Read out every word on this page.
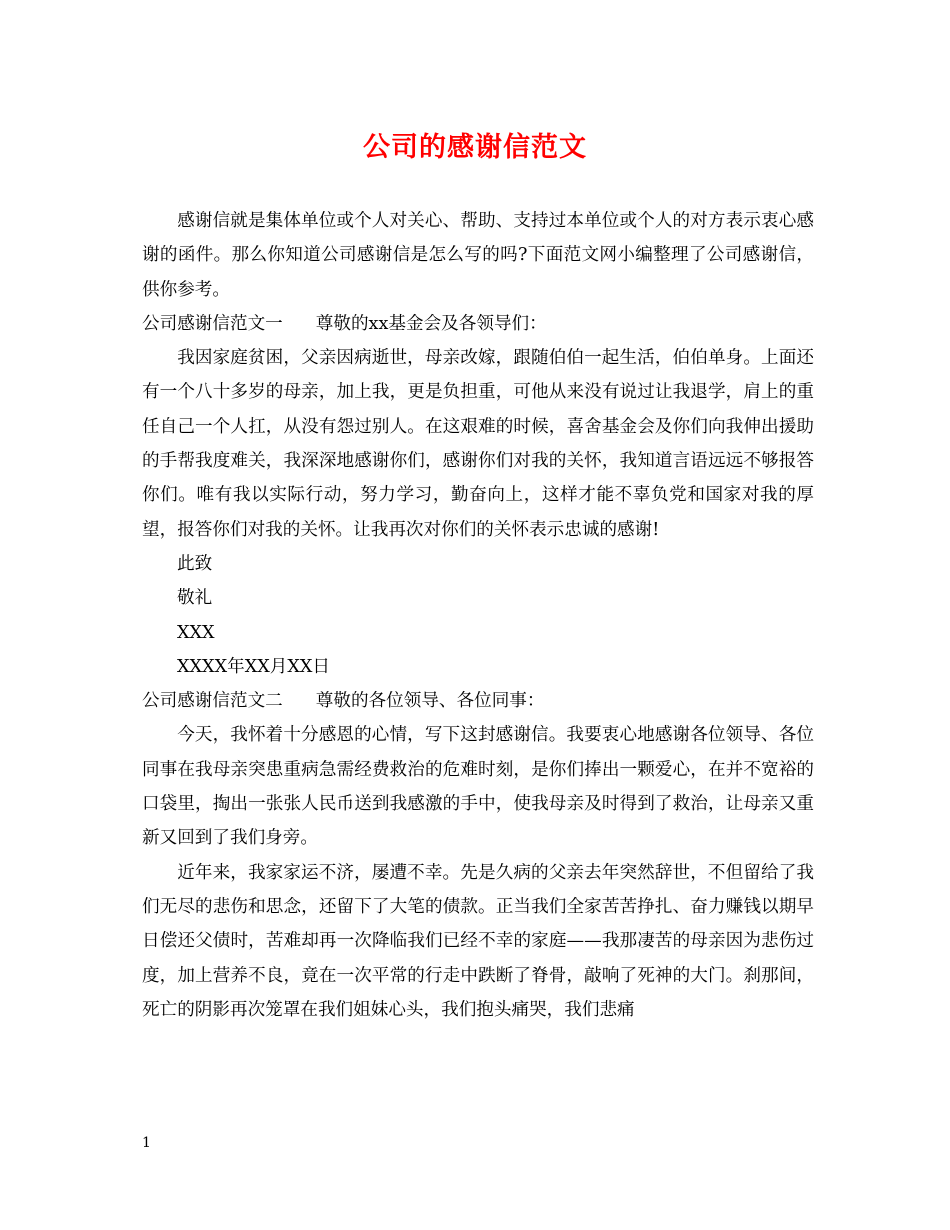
公司的感谢信范文

感谢信就是集体单位或个人对关心、帮助、支持过本单位或个人的对方表示衷心感谢的函件。那么你知道公司感谢信是怎么写的吗?下面范文网小编整理了公司感谢信，供你参考。

公司感谢信范文一 尊敬的xx基金会及各领导们：

我因家庭贫困，父亲因病逝世，母亲改嫁，跟随伯伯一起生活，伯伯单身。上面还有一个八十多岁的母亲，加上我，更是负担重，可他从来没有说过让我退学，肩上的重任自己一个人扛，从没有怨过别人。在这艰难的时候，喜舍基金会及你们向我伸出援助的手帮我度难关，我深深地感谢你们，感谢你们对我的关怀，我知道言语远远不够报答你们。唯有我以实际行动，努力学习，勤奋向上，这样才能不辜负党和国家对我的厚望，报答你们对我的关怀。让我再次对你们的关怀表示忠诚的感谢!

此致

敬礼

XXX

XXXX年XX月XX日

公司感谢信范文二 尊敬的各位领导、各位同事：

今天，我怀着十分感恩的心情，写下这封感谢信。我要衷心地感谢各位领导、各位同事在我母亲突患重病急需经费救治的危难时刻，是你们捧出一颗爱心，在并不宽裕的口袋里，掏出一张张人民币送到我感激的手中，使我母亲及时得到了救治，让母亲又重新又回到了我们身旁。

近年来，我家家运不济，屡遭不幸。先是久病的父亲去年突然辞世，不但留给了我们无尽的悲伤和思念，还留下了大笔的债款。正当我们全家苦苦挣扎、奋力赚钱以期早日偿还父债时，苦难却再一次降临我们已经不幸的家庭——我那凄苦的母亲因为悲伤过度，加上营养不良，竟在一次平常的行走中跌断了脊骨，敲响了死神的大门。刹那间，死亡的阴影再次笼罩在我们姐妹心头，我们抱头痛哭，我们悲痛

1
